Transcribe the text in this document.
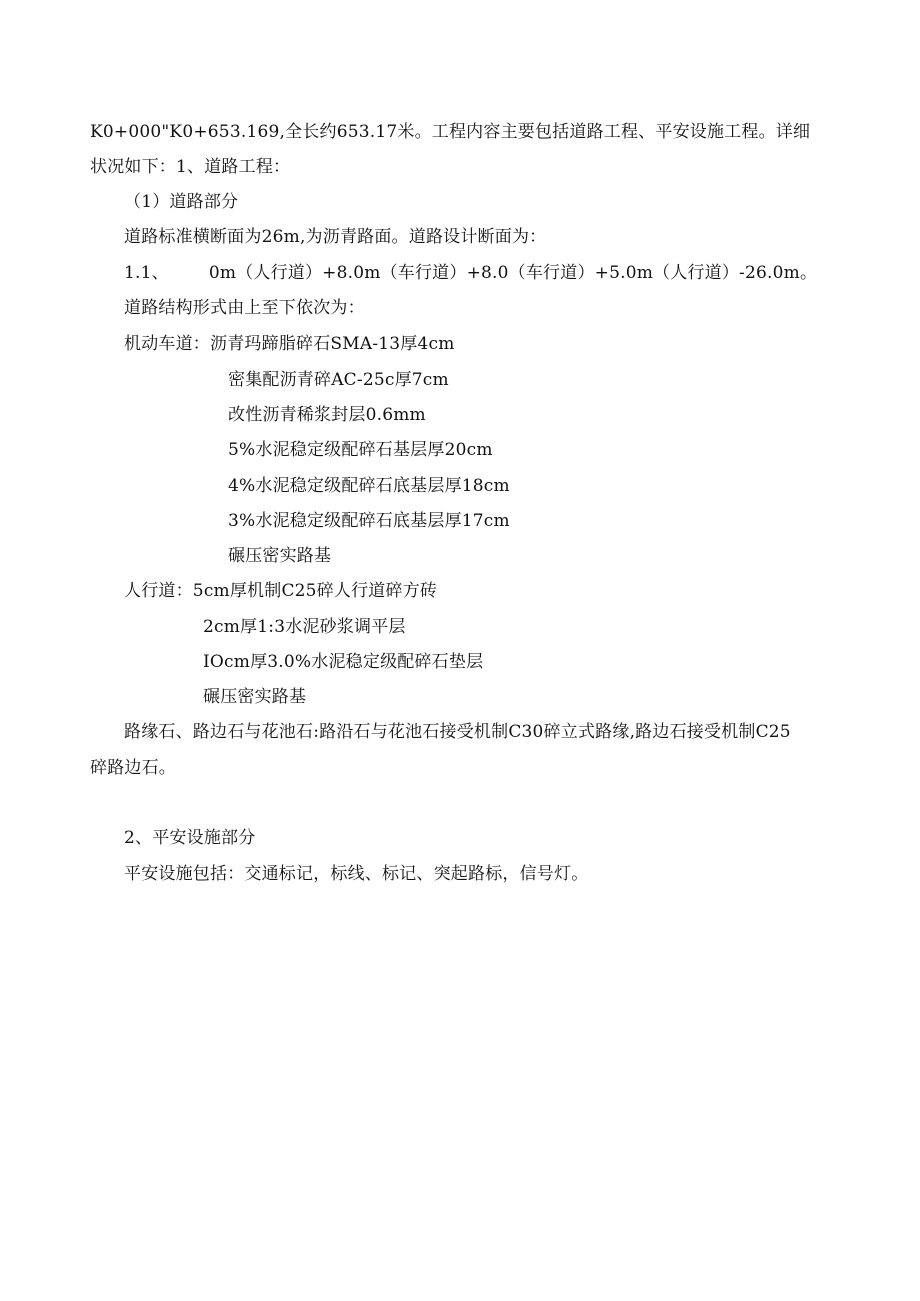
K0+000"K0+653.169,全长约653.17米。工程内容主要包括道路工程、平安设施工程。详细
状况如下：1、道路工程：
（1）道路部分
道路标准横断面为26m,为沥青路面。道路设计断面为：
1.1、 0m（人行道）+8.0m（车行道）+8.0（车行道）+5.0m（人行道）-26.0m。
道路结构形式由上至下依次为：
机动车道：沥青玛蹄脂碎石SMA-13厚4cm
密集配沥青碎AC-25c厚7cm
改性沥青稀浆封层0.6mm
5%水泥稳定级配碎石基层厚20cm
4%水泥稳定级配碎石底基层厚18cm
3%水泥稳定级配碎石底基层厚17cm
碾压密实路基
人行道：5cm厚机制C25碎人行道碎方砖
2cm厚1:3水泥砂浆调平层
IOcm厚3.0%水泥稳定级配碎石垫层
碾压密实路基
路缘石、路边石与花池石:路沿石与花池石接受机制C30碎立式路缘,路边石接受机制C25
碎路边石。
2、平安设施部分
平安设施包括：交通标记，标线、标记、突起路标，信号灯。
